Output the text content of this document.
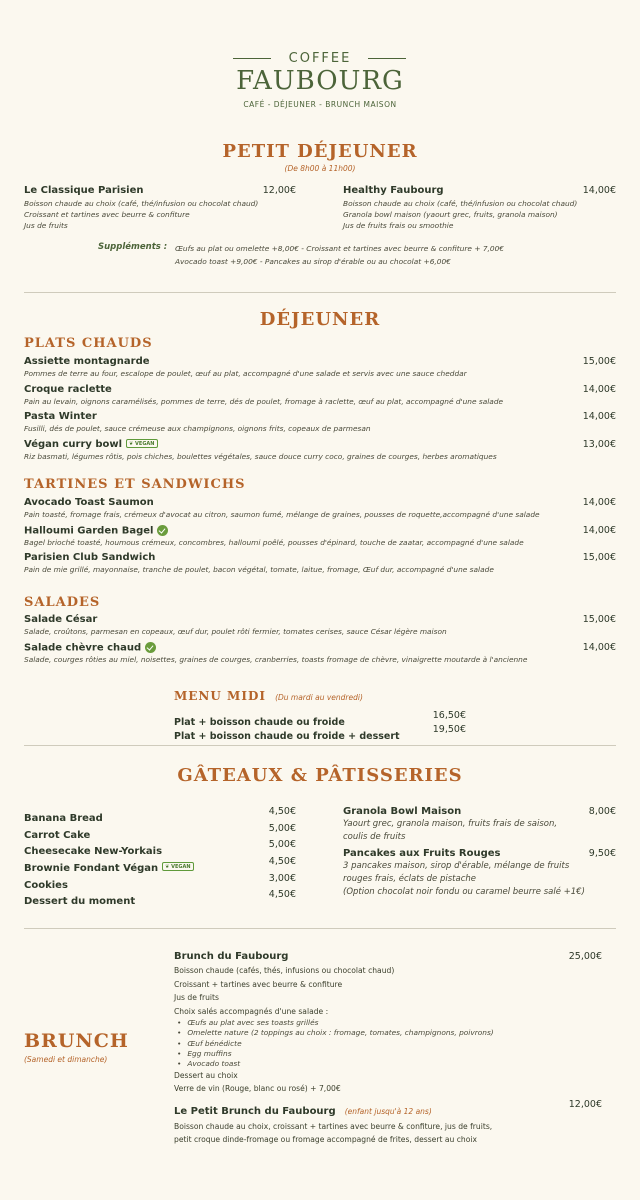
COFFEE
FAUBOURG
CAFÉ - DÉJEUNER - BRUNCH MAISON
PETIT DÉJEUNER
(De 8h00 à 11h00)
Le Classique Parisien	12,00€
Boisson chaude au choix (café, thé/infusion ou chocolat chaud)
Croissant et tartines avec beurre & confiture
Jus de fruits
Healthy Faubourg	14,00€
Boisson chaude au choix (café, thé/infusion ou chocolat chaud)
Granola bowl maison (yaourt grec, fruits, granola maison)
Jus de fruits frais ou smoothie
Suppléments : Œufs au plat ou omelette +8,00€ - Croissant et tartines avec beurre & confiture + 7,00€
Avocado toast +9,00€ - Pancakes au sirop d'érable ou au chocolat +6,00€
DÉJEUNER
PLATS CHAUDS
Assiette montagnarde	15,00€
Pommes de terre au four, escalope de poulet, œuf au plat, accompagné d'une salade et servis avec une sauce cheddar
Croque raclette	14,00€
Pain au levain, oignons caramélisés, pommes de terre, dés de poulet, fromage à raclette, œuf au plat, accompagné d'une salade
Pasta Winter	14,00€
Fusilli, dés de poulet, sauce crémeuse aux champignons, oignons frits, copeaux de parmesan
Végan curry bowl ❦ VEGAN	13,00€
Riz basmati, légumes rôtis, pois chiches, boulettes végétales, sauce douce curry coco, graines de courges, herbes aromatiques
TARTINES ET SANDWICHS
Avocado Toast Saumon	14,00€
Pain toasté, fromage frais, crémeux d'avocat au citron, saumon fumé, mélange de graines, pousses de roquette,accompagné d'une salade
Halloumi Garden Bagel	14,00€
Bagel brioché toasté, houmous crémeux, concombres, halloumi poêlé, pousses d'épinard, touche de zaatar, accompagné d'une salade
Parisien Club Sandwich	15,00€
Pain de mie grillé, mayonnaise, tranche de poulet, bacon végétal, tomate, laitue, fromage, Œuf dur, accompagné d'une salade
SALADES
Salade César	15,00€
Salade, croûtons, parmesan en copeaux, œuf dur, poulet rôti fermier, tomates cerises, sauce César légère maison
Salade chèvre chaud	14,00€
Salade, courges rôties au miel, noisettes, graines de courges, cranberries, toasts fromage de chèvre, vinaigrette moutarde à l'ancienne
MENU MIDI (Du mardi au vendredi)
Plat + boisson chaude ou froide
16,50€
Plat + boisson chaude ou froide + dessert
19,50€
GÂTEAUX & PÂTISSERIES
Banana Bread
4,50€
Carrot Cake
5,00€
Cheesecake New-Yorkais
5,00€
Brownie Fondant Végan ❦ VEGAN	4,50€
Cookies
3,00€
Dessert du moment
4,50€
Granola Bowl Maison	8,00€
Yaourt grec, granola maison, fruits frais de saison,
coulis de fruits
Pancakes aux Fruits Rouges	9,50€
3 pancakes maison, sirop d'érable, mélange de fruits
rouges frais, éclats de pistache
(Option chocolat noir fondu ou caramel beurre salé +1€)
BRUNCH
(Samedi et dimanche)
Brunch du Faubourg	25,00€
Boisson chaude (cafés, thés, infusions ou chocolat chaud)
Croissant + tartines avec beurre & confiture
Jus de fruits
Choix salés accompagnés d'une salade :
• Œufs au plat avec ses toasts grillés
• Omelette nature (2 toppings au choix : fromage, tomates, champignons, poivrons)
• Œuf bénédicte
• Egg muffins
• Avocado toast
Dessert au choix
Verre de vin (Rouge, blanc ou rosé) + 7,00€
Le Petit Brunch du Faubourg (enfant jusqu'à 12 ans)
12,00€
Boisson chaude au choix, croissant + tartines avec beurre & confiture, jus de fruits,
petit croque dinde-fromage ou fromage accompagné de frites, dessert au choix
